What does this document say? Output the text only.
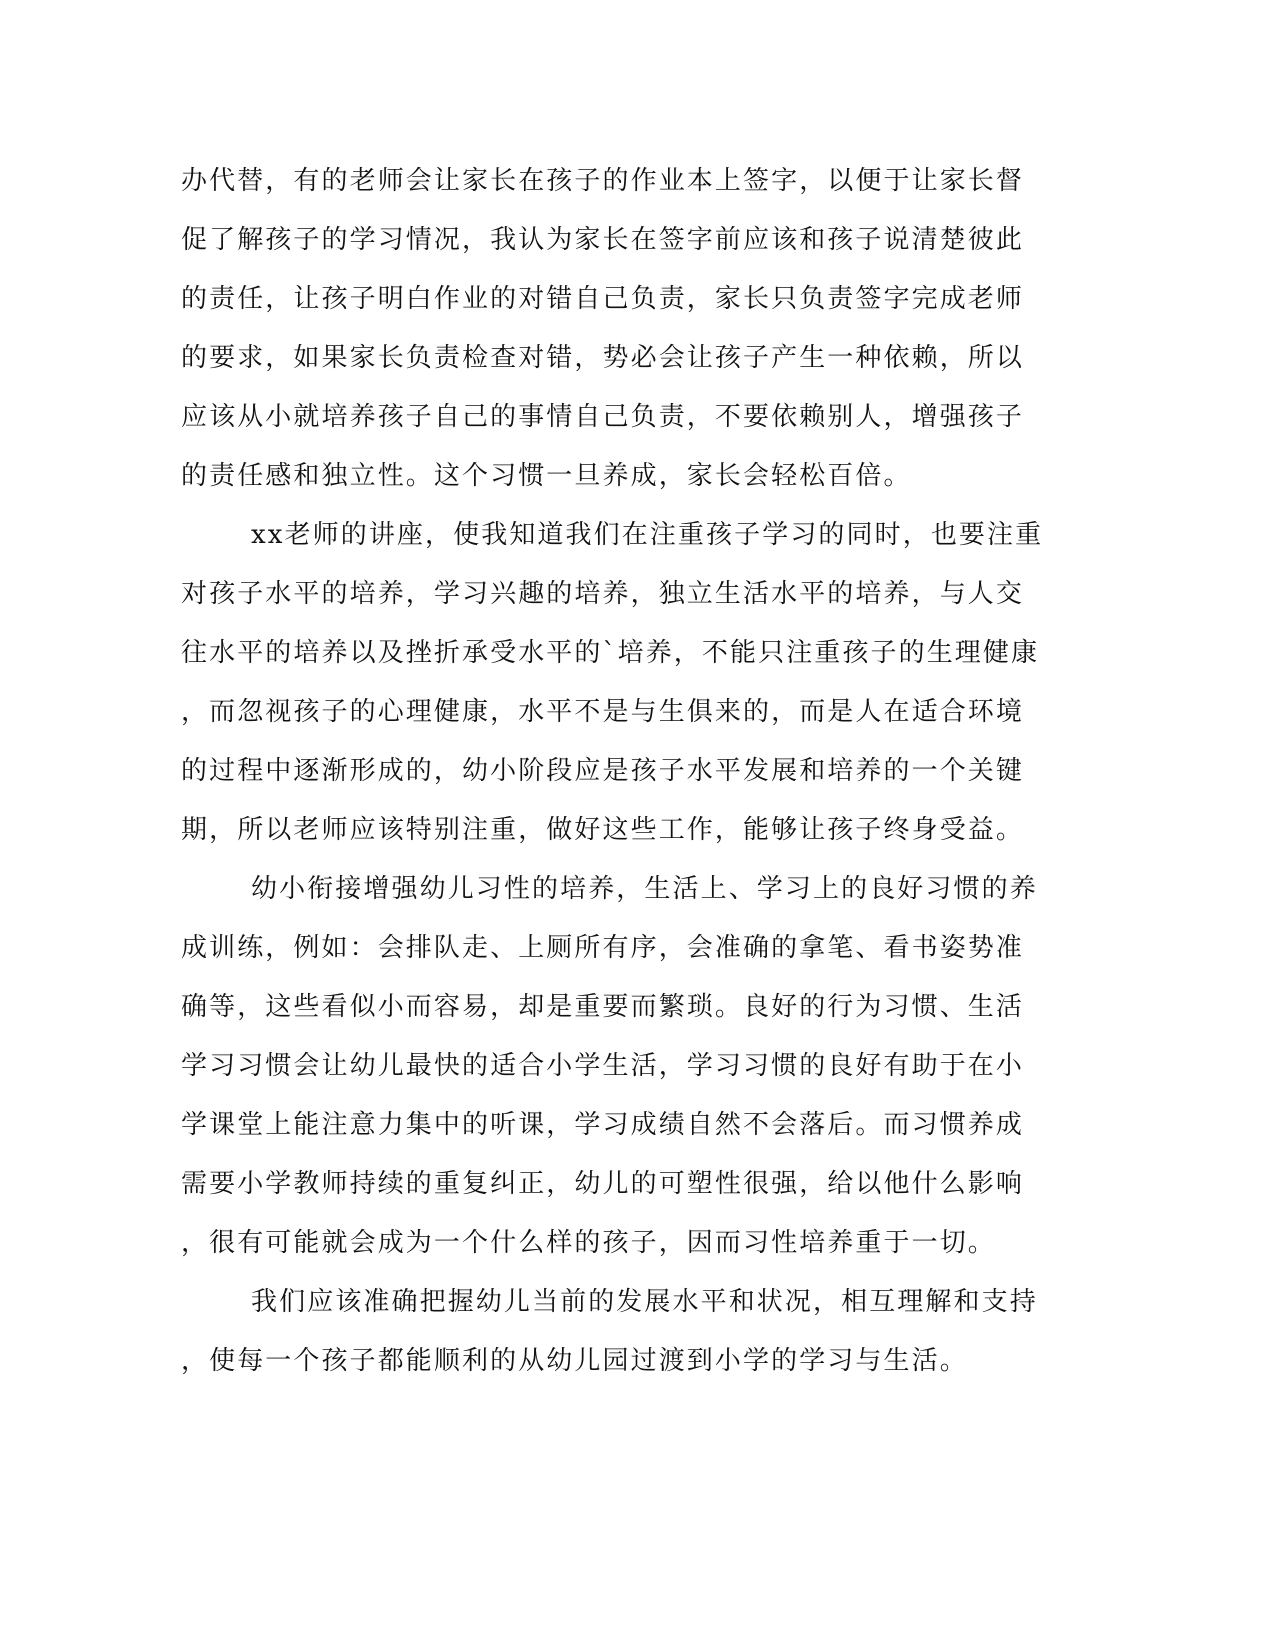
办代替，有的老师会让家长在孩子的作业本上签字，以便于让家长督
促了解孩子的学习情况，我认为家长在签字前应该和孩子说清楚彼此
的责任，让孩子明白作业的对错自己负责，家长只负责签字完成老师
的要求，如果家长负责检查对错，势必会让孩子产生一种依赖，所以
应该从小就培养孩子自己的事情自己负责，不要依赖别人，增强孩子
的责任感和独立性。这个习惯一旦养成，家长会轻松百倍。
xx老师的讲座，使我知道我们在注重孩子学习的同时，也要注重
对孩子水平的培养，学习兴趣的培养，独立生活水平的培养，与人交
往水平的培养以及挫折承受水平的`培养，不能只注重孩子的生理健康
，而忽视孩子的心理健康，水平不是与生俱来的，而是人在适合环境
的过程中逐渐形成的，幼小阶段应是孩子水平发展和培养的一个关键
期，所以老师应该特别注重，做好这些工作，能够让孩子终身受益。
幼小衔接增强幼儿习性的培养，生活上、学习上的良好习惯的养
成训练，例如：会排队走、上厕所有序，会准确的拿笔、看书姿势准
确等，这些看似小而容易，却是重要而繁琐。良好的行为习惯、生活
学习习惯会让幼儿最快的适合小学生活，学习习惯的良好有助于在小
学课堂上能注意力集中的听课，学习成绩自然不会落后。而习惯养成
需要小学教师持续的重复纠正，幼儿的可塑性很强，给以他什么影响
，很有可能就会成为一个什么样的孩子，因而习性培养重于一切。
我们应该准确把握幼儿当前的发展水平和状况，相互理解和支持
，使每一个孩子都能顺利的从幼儿园过渡到小学的学习与生活。
